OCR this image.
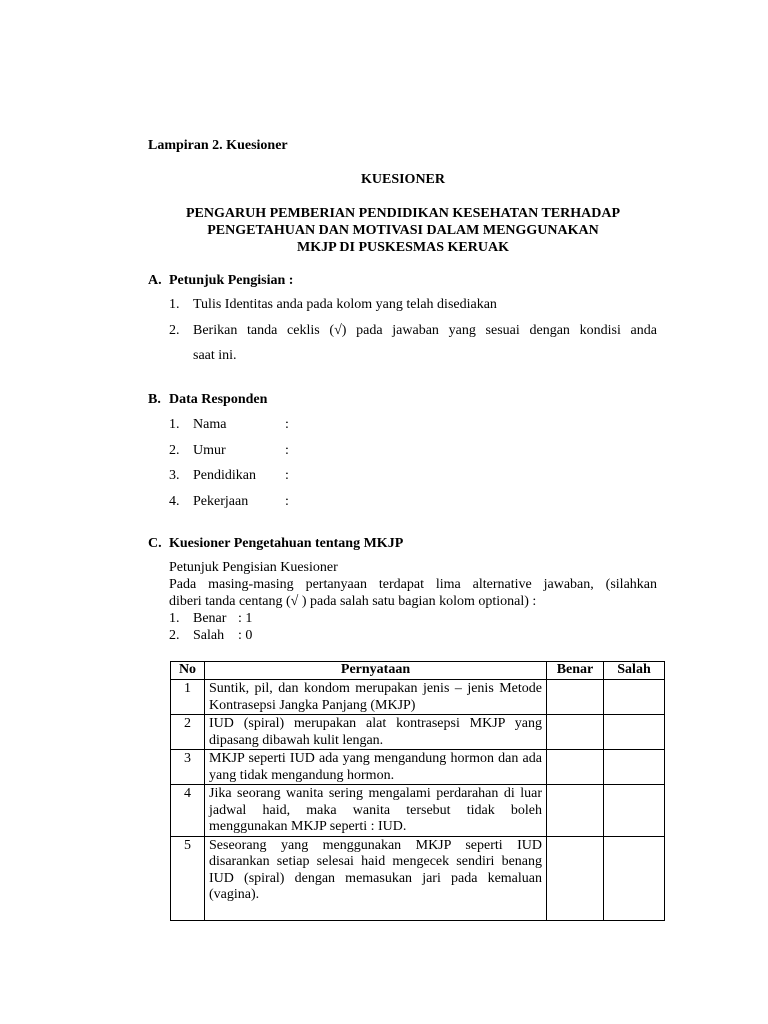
Lampiran 2. Kuesioner
KUESIONER
PENGARUH PEMBERIAN PENDIDIKAN KESEHATAN TERHADAP
PENGETAHUAN DAN MOTIVASI DALAM MENGGUNAKAN
MKJP DI PUSKESMAS KERUAK
A. Petunjuk Pengisian :
1. Tulis Identitas anda pada kolom yang telah disediakan
2. Berikan tanda ceklis (√) pada jawaban yang sesuai dengan kondisi anda
saat ini.
B. Data Responden
1. Nama	:
2. Umur	:
3. Pendidikan :
4. Pekerjaan	:
C. Kuesioner Pengetahuan tentang MKJP
Petunjuk Pengisian Kuesioner
Pada masing-masing pertanyaan terdapat lima alternative jawaban, (silahkan
diberi tanda centang (√ ) pada salah satu bagian kolom optional) :
1. Benar : 1
2. Salah : 0
No	Pernyataan	Benar	Salah
1	Suntik, pil, dan kondom merupakan jenis – jenis Metode Kontrasepsi Jangka Panjang (MKJP)		
2	IUD (spiral) merupakan alat kontrasepsi MKJP yang dipasang dibawah kulit lengan.		
3	MKJP seperti IUD ada yang mengandung hormon dan ada yang tidak mengandung hormon.		
4	Jika seorang wanita sering mengalami perdarahan di luar jadwal haid, maka wanita tersebut tidak boleh menggunakan MKJP seperti : IUD.		
5	Seseorang yang menggunakan MKJP seperti IUD disarankan setiap selesai haid mengecek sendiri benang IUD (spiral) dengan memasukan jari pada kemaluan (vagina).		
